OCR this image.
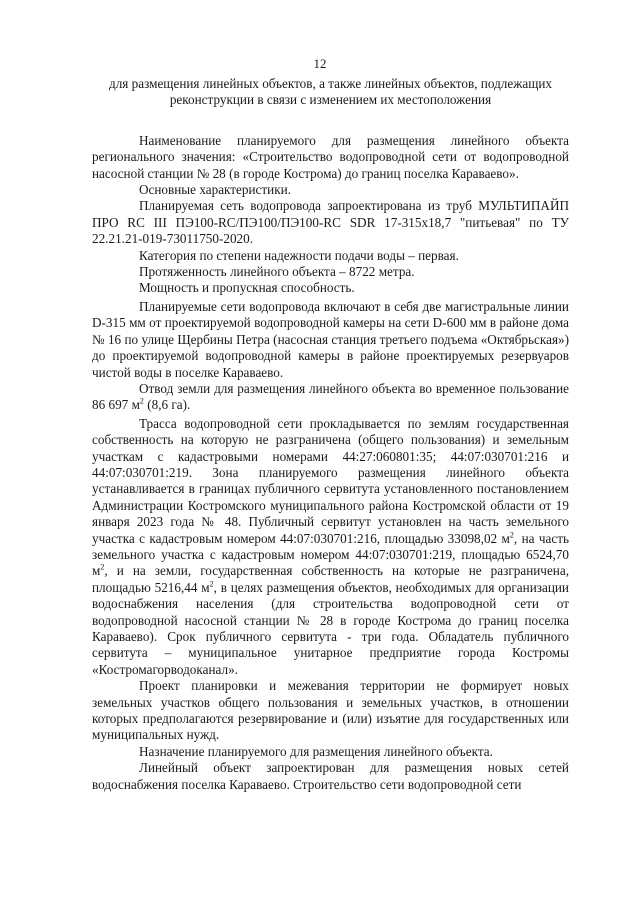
12

для размещения линейных объектов, а также линейных объектов, подлежащих реконструкции в связи с изменением их местоположения

Наименование планируемого для размещения линейного объекта регионального значения: «Строительство водопроводной сети от водопроводной насосной станции № 28 (в городе Кострома) до границ поселка Караваево».

Основные характеристики.

Планируемая сеть водопровода запроектирована из труб МУЛЬТИПАЙП ПРО RC III ПЭ100-RC/ПЭ100/ПЭ100-RC SDR 17-315x18,7 "питьевая" по ТУ 22.21.21-019-73011750-2020.

Категория по степени надежности подачи воды – первая.

Протяженность линейного объекта – 8722 метра.

Мощность и пропускная способность.

Планируемые сети водопровода включают в себя две магистральные линии D-315 мм от проектируемой водопроводной камеры на сети D-600 мм в районе дома № 16 по улице Щербины Петра (насосная станция третьего подъема «Октябрьская») до проектируемой водопроводной камеры в районе проектируемых резервуаров чистой воды в поселке Караваево.

Отвод земли для размещения линейного объекта во временное пользование 86 697 $м^2$ (8,6 га).

Трасса водопроводной сети прокладывается по землям государственная собственность на которую не разграничена (общего пользования) и земельным участкам с кадастровыми номерами 44:27:060801:35; 44:07:030701:216 и 44:07:030701:219. Зона планируемого размещения линейного объекта устанавливается в границах публичного сервитута установленного постановлением Администрации Костромского муниципального района Костромской области от 19 января 2023 года № 48. Публичный сервитут установлен на часть земельного участка с кадастровым номером 44:07:030701:216, площадью 33098,02 $м^2$, на часть земельного участка с кадастровым номером 44:07:030701:219, площадью 6524,70 $м^2$, и на земли, государственная собственность на которые не разграничена, площадью 5216,44 $м^2$, в целях размещения объектов, необходимых для организации водоснабжения населения (для строительства водопроводной сети от водопроводной насосной станции № 28 в городе Кострома до границ поселка Караваево). Срок публичного сервитута - три года. Обладатель публичного сервитута – муниципальное унитарное предприятие города Костромы «Костромагорводоканал».

Проект планировки и межевания территории не формирует новых земельных участков общего пользования и земельных участков, в отношении которых предполагаются резервирование и (или) изъятие для государственных или муниципальных нужд.

Назначение планируемого для размещения линейного объекта.

Линейный объект запроектирован для размещения новых сетей водоснабжения поселка Караваево. Строительство сети водопроводной сети
